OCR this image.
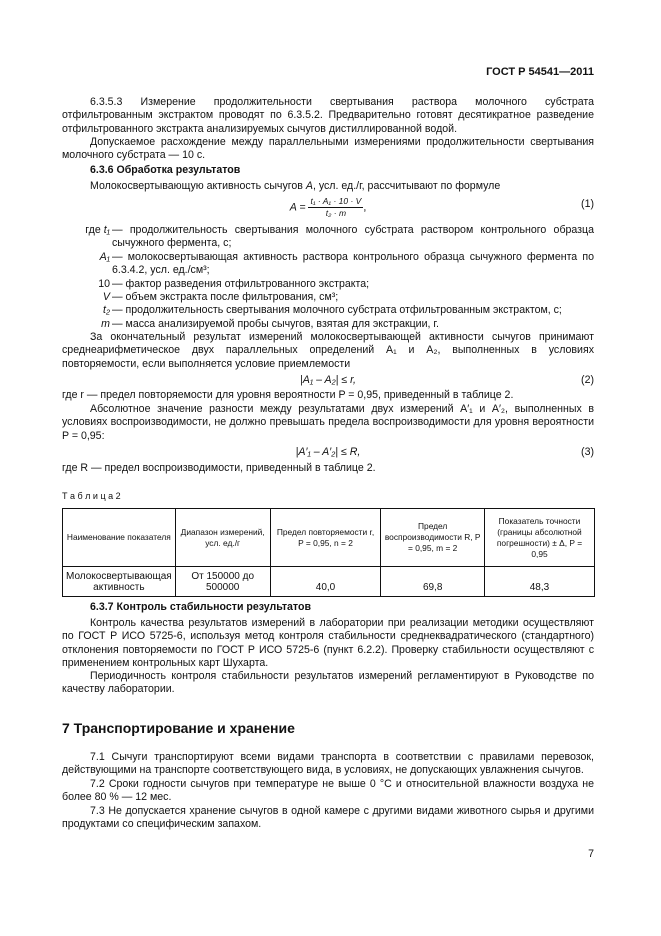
ГОСТ Р 54541—2011
6.3.5.3 Измерение продолжительности свертывания раствора молочного субстрата отфильтрованным экстрактом проводят по 6.3.5.2. Предварительно готовят десятикратное разведение отфильтрованного экстракта анализируемых сычугов дистиллированной водой.
Допускаемое расхождение между параллельными измерениями продолжительности свертывания молочного субстрата — 10 с.
6.3.6 Обработка результатов
Молокосвертывающую активность сычугов A, усл. ед./г, рассчитывают по формуле
$A = \frac{\text{t₁ · A₁ · 10 · V}}{\text{t₂ · m}}$ ,	(1)
где t₁ — продолжительность свертывания молочного субстрата раствором контрольного образца сычужного фермента, с;
A₁ — молокосвертывающая активность раствора контрольного образца сычужного фермента по 6.3.4.2, усл. ед./см³;
10 — фактор разведения отфильтрованного экстракта;
V — объем экстракта после фильтрования, см³;
t₂ — продолжительность свертывания молочного субстрата отфильтрованным экстрактом, с;
m — масса анализируемой пробы сычугов, взятая для экстракции, г.
За окончательный результат измерений молокосвертывающей активности сычугов принимают среднеарифметическое двух параллельных определений A₁ и A₂, выполненных в условиях повторяемости, если выполняется условие приемлемости
|A₁ – A₂| ≤ r,	(2)
где r — предел повторяемости для уровня вероятности P = 0,95, приведенный в таблице 2.
Абсолютное значение разности между результатами двух измерений A′₁ и A′₂, выполненных в условиях воспроизводимости, не должно превышать предела воспроизводимости для уровня вероятности P = 0,95:
|A′₁ – A′₂| ≤ R,	(3)
где R — предел воспроизводимости, приведенный в таблице 2.
Т а б л и ц а 2
Наименование показателя	Диапазон измерений, усл. ед./г	Предел повторяемости r, P = 0,95, n = 2	Предел воспроизводимости R, P = 0,95, m = 2	Показатель точности (границы абсолютной погрешности) ± Δ, P = 0,95
Молокосвертывающая активность	От 150000 до 500000	40,0	69,8	48,3
6.3.7 Контроль стабильности результатов
Контроль качества результатов измерений в лаборатории при реализации методики осуществляют по ГОСТ Р ИСО 5725-6, используя метод контроля стабильности среднеквадратического (стандартного) отклонения повторяемости по ГОСТ Р ИСО 5725-6 (пункт 6.2.2). Проверку стабильности осуществляют с применением контрольных карт Шухарта.
Периодичность контроля стабильности результатов измерений регламентируют в Руководстве по качеству лаборатории.
7 Транспортирование и хранение
7.1 Сычуги транспортируют всеми видами транспорта в соответствии с правилами перевозок, действующими на транспорте соответствующего вида, в условиях, не допускающих увлажнения сычугов.
7.2 Сроки годности сычугов при температуре не выше 0 °С и относительной влажности воздуха не более 80 % — 12 мес.
7.3 Не допускается хранение сычугов в одной камере с другими видами животного сырья и другими продуктами со специфическим запахом.
7
